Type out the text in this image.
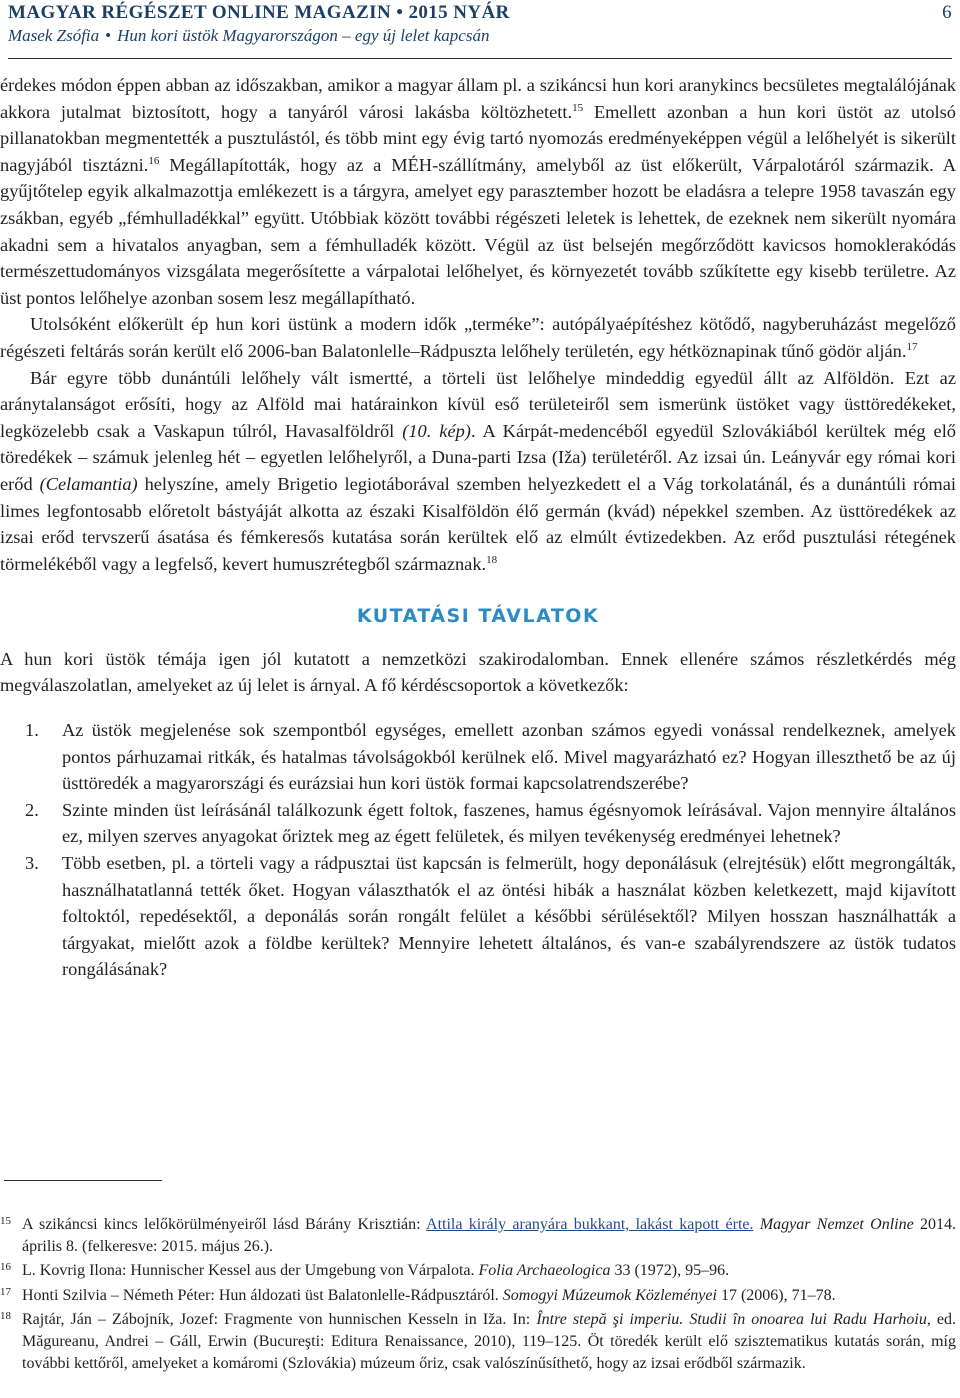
MAGYAR RÉGÉSZET ONLINE MAGAZIN • 2015 NYÁR	6
Masek Zsófia • Hun kori üstök Magyarországon – egy új lelet kapcsán

érdekes módon éppen abban az időszakban, amikor a magyar állam pl. a szikáncsi hun kori aranykincs becsületes megtalálójának akkora jutalmat biztosított, hogy a tanyáról városi lakásba költözhetett.$^{15}$ Emellett azonban a hun kori üstöt az utolsó pillanatokban megmentették a pusztulástól, és több mint egy évig tartó nyomozás eredményeképpen végül a lelőhelyét is sikerült nagyjából tisztázni.$^{16}$ Megállapították, hogy az a MÉH-szállítmány, amelyből az üst előkerült, Várpalotáról származik. A gyűjtőtelep egyik alkalmazottja emlékezett is a tárgyra, amelyet egy parasztember hozott be eladásra a telepre 1958 tavaszán egy zsákban, egyéb „fémhulladékkal” együtt. Utóbbiak között további régészeti leletek is lehettek, de ezeknek nem sikerült nyomára akadni sem a hivatalos anyagban, sem a fémhulladék között. Végül az üst belsején megőrződött kavicsos homoklerakódás természettudományos vizsgálata megerősítette a várpalotai lelőhelyet, és környezetét tovább szűkítette egy kisebb területre. Az üst pontos lelőhelye azonban sosem lesz megállapítható.

Utolsóként előkerült ép hun kori üstünk a modern idők „terméke”: autópályaépítéshez kötődő, nagyberuházást megelőző régészeti feltárás során került elő 2006-ban Balatonlelle–Rádpuszta lelőhely területén, egy hétköznapinak tűnő gödör alján.$^{17}$

Bár egyre több dunántúli lelőhely vált ismertté, a törteli üst lelőhelye mindeddig egyedül állt az Alföldön. Ezt az aránytalanságot erősíti, hogy az Alföld mai határainkon kívül eső területeiről sem ismerünk üstöket vagy üsttöredékeket, legközelebb csak a Vaskapun túlról, Havasalföldről (10. kép). A Kárpát-medencéből egyedül Szlovákiából kerültek még elő töredékek – számuk jelenleg hét – egyetlen lelőhelyről, a Duna-parti Izsa (Iža) területéről. Az izsai ún. Leányvár egy római kori erőd (Celamantia) helyszíne, amely Brigetio legiotáborával szemben helyezkedett el a Vág torkolatánál, és a dunántúli római limes legfontosabb előretolt bástyáját alkotta az északi Kisalföldön élő germán (kvád) népekkel szemben. Az üsttöredékek az izsai erőd tervszerű ásatása és fémkeresős kutatása során kerültek elő az elmúlt évtizedekben. Az erőd pusztulási rétegének törmelékéből vagy a legfelső, kevert humuszrétegből származnak.$^{18}$

KUTATÁSI TÁVLATOK

A hun kori üstök témája igen jól kutatott a nemzetközi szakirodalomban. Ennek ellenére számos részletkérdés még megválaszolatlan, amelyeket az új lelet is árnyal. A fő kérdéscsoportok a következők:

1. Az üstök megjelenése sok szempontból egységes, emellett azonban számos egyedi vonással rendelkeznek, amelyek pontos párhuzamai ritkák, és hatalmas távolságokból kerülnek elő. Mivel magyarázható ez? Hogyan illeszthető be az új üsttöredék a magyarországi és eurázsiai hun kori üstök formai kapcsolatrendszerébe?
2. Szinte minden üst leírásánál találkozunk égett foltok, faszenes, hamus égésnyomok leírásával. Vajon mennyire általános ez, milyen szerves anyagokat őriztek meg az égett felületek, és milyen tevékenység eredményei lehetnek?
3. Több esetben, pl. a törteli vagy a rádpusztai üst kapcsán is felmerült, hogy deponálásuk (elrejtésük) előtt megrongálták, használhatatlanná tették őket. Hogyan választhatók el az öntési hibák a használat közben keletkezett, majd kijavított foltoktól, repedésektől, a deponálás során rongált felület a későbbi sérülésektől? Milyen hosszan használhatták a tárgyakat, mielőtt azok a földbe kerültek? Mennyire lehetett általános, és van-e szabályrendszere az üstök tudatos rongálásának?
15 A szikáncsi kincs lelőkörülményeiről lásd Bárány Krisztián: Attila király aranyára bukkant, lakást kapott érte. Magyar Nemzet Online 2014. április 8. (felkeresve: 2015. május 26.).
16 L. Kovrig Ilona: Hunnischer Kessel aus der Umgebung von Várpalota. Folia Archaeologica 33 (1972), 95–96.
17 Honti Szilvia – Németh Péter: Hun áldozati üst Balatonlelle-Rádpusztáról. Somogyi Múzeumok Közleményei 17 (2006), 71–78.
18 Rajtár, Ján – Zábojník, Jozef: Fragmente von hunnischen Kesseln in Iža. In: Între stepă şi imperiu. Studii în onoarea lui Radu Harhoiu, ed. Măgureanu, Andrei – Gáll, Erwin (Bucureşti: Editura Renaissance, 2010), 119–125. Öt töredék került elő szisztematikus kutatás során, míg további kettőről, amelyeket a komáromi (Szlovákia) múzeum őriz, csak valószínűsíthető, hogy az izsai erődből származik.
